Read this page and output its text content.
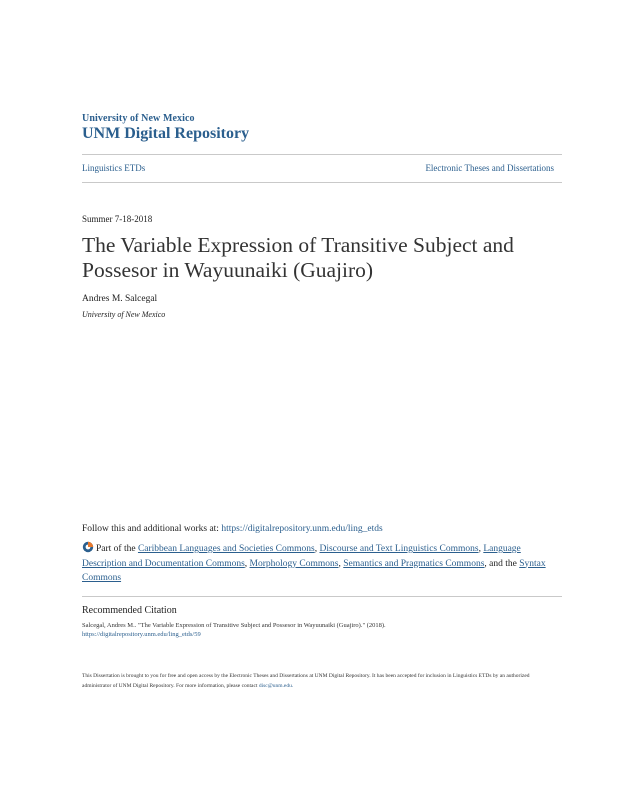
University of New Mexico
UNM Digital Repository
Linguistics ETDs	Electronic Theses and Dissertations
Summer 7-18-2018
The Variable Expression of Transitive Subject and Possesor in Wayuunaiki (Guajiro)
Andres M. Salcegal
University of New Mexico
Follow this and additional works at: https://digitalrepository.unm.edu/ling_etds
Part of the Caribbean Languages and Societies Commons, Discourse and Text Linguistics Commons, Language Description and Documentation Commons, Morphology Commons, Semantics and Pragmatics Commons, and the Syntax Commons
Recommended Citation
Salcegal, Andres M.. "The Variable Expression of Transitive Subject and Possesor in Wayuunaiki (Guajiro)." (2018).
https://digitalrepository.unm.edu/ling_etds/59
This Dissertation is brought to you for free and open access by the Electronic Theses and Dissertations at UNM Digital Repository. It has been accepted for inclusion in Linguistics ETDs by an authorized administrator of UNM Digital Repository. For more information, please contact disc@unm.edu.
